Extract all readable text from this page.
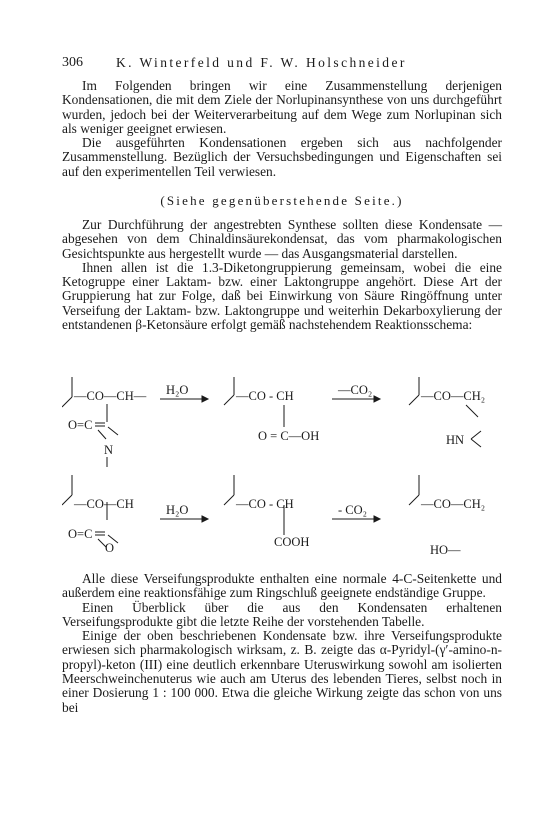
306 K. Winterfeld und F. W. Holschneider

Im Folgenden bringen wir eine Zusammenstellung derjenigen Kondensationen, die mit dem Ziele der Norlupinansynthese von uns durchgeführt wurden, jedoch bei der Weiterverarbeitung auf dem Wege zum Norlupinan sich als weniger geeignet erwiesen.

Die ausgeführten Kondensationen ergeben sich aus nachfolgender Zusammenstellung. Bezüglich der Versuchsbedingungen und Eigenschaften sei auf den experimentellen Teil verwiesen.

(Siehe gegenüberstehende Seite.)

Zur Durchführung der angestrebten Synthese sollten diese Kondensate — abgesehen von dem Chinaldinsäurekondensat, das vom pharmakologischen Gesichtspunkte aus hergestellt wurde — das Ausgangsmaterial darstellen.

Ihnen allen ist die 1.3-Diketongruppierung gemeinsam, wobei die eine Ketogruppe einer Laktam- bzw. einer Laktongruppe angehört. Diese Art der Gruppierung hat zur Folge, daß bei Einwirkung von Säure Ringöffnung unter Verseifung der Laktam- bzw. Laktongruppe und weiterhin Dekarboxylierung der entstandenen β-Ketonsäure erfolgt gemäß nachstehendem Reaktionsschema:

—CO—CH—
O=C
N
H₂O	—CO - CH
O = C—OH
—CO₂	—CO—CH₂
HN
—CO—CH
O=C
O
H₂O	—CO - CH
COOH
- CO₂	—CO—CH₂
HO—

Alle diese Verseifungsprodukte enthalten eine normale 4-C-Seitenkette und außerdem eine reaktionsfähige zum Ringschluß geeignete endständige Gruppe.

Einen Überblick über die aus den Kondensaten erhaltenen Verseifungsprodukte gibt die letzte Reihe der vorstehenden Tabelle.

Einige der oben beschriebenen Kondensate bzw. ihre Verseifungsprodukte erwiesen sich pharmakologisch wirksam, z. B. zeigte das α-Pyridyl-(γ′-amino-n-propyl)-keton (III) eine deutlich erkennbare Uteruswirkung sowohl am isolierten Meerschweinchenuterus wie auch am Uterus des lebenden Tieres, selbst noch in einer Dosierung 1 : 100 000. Etwa die gleiche Wirkung zeigte das schon von uns bei
